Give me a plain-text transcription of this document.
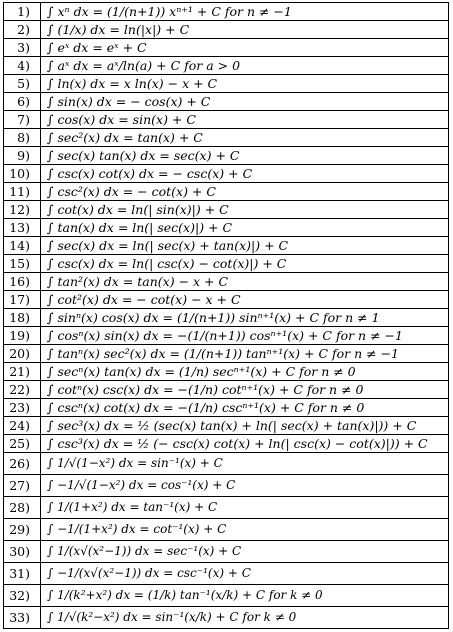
1)	∫ xⁿ dx = (1/(n+1)) xⁿ⁺¹ + C for n ≠ −1
2)	∫ (1/x) dx = ln(|x|) + C
3)	∫ eˣ dx = eˣ + C
4)	∫ aˣ dx = aˣ/ln(a) + C for a > 0
5)	∫ ln(x) dx = x ln(x) − x + C
6)	∫ sin(x) dx = − cos(x) + C
7)	∫ cos(x) dx = sin(x) + C
8)	∫ sec²(x) dx = tan(x) + C
9)	∫ sec(x) tan(x) dx = sec(x) + C
10)	∫ csc(x) cot(x) dx = − csc(x) + C
11)	∫ csc²(x) dx = − cot(x) + C
12)	∫ cot(x) dx = ln(| sin(x)|) + C
13)	∫ tan(x) dx = ln(| sec(x)|) + C
14)	∫ sec(x) dx = ln(| sec(x) + tan(x)|) + C
15)	∫ csc(x) dx = ln(| csc(x) − cot(x)|) + C
16)	∫ tan²(x) dx = tan(x) − x + C
17)	∫ cot²(x) dx = − cot(x) − x + C
18)	∫ sinⁿ(x) cos(x) dx = (1/(n+1)) sinⁿ⁺¹(x) + C for n ≠ 1
19)	∫ cosⁿ(x) sin(x) dx = −(1/(n+1)) cosⁿ⁺¹(x) + C for n ≠ −1
20)	∫ tanⁿ(x) sec²(x) dx = (1/(n+1)) tanⁿ⁺¹(x) + C for n ≠ −1
21)	∫ secⁿ(x) tan(x) dx = (1/n) secⁿ⁺¹(x) + C for n ≠ 0
22)	∫ cotⁿ(x) csc(x) dx = −(1/n) cotⁿ⁺¹(x) + C for n ≠ 0
23)	∫ cscⁿ(x) cot(x) dx = −(1/n) cscⁿ⁺¹(x) + C for n ≠ 0
24)	∫ sec³(x) dx = ½ (sec(x) tan(x) + ln(| sec(x) + tan(x)|)) + C
25)	∫ csc³(x) dx = ½ (− csc(x) cot(x) + ln(| csc(x) − cot(x)|)) + C
26)	∫ 1/√(1−x²) dx = sin⁻¹(x) + C
27)	∫ −1/√(1−x²) dx = cos⁻¹(x) + C
28)	∫ 1/(1+x²) dx = tan⁻¹(x) + C
29)	∫ −1/(1+x²) dx = cot⁻¹(x) + C
30)	∫ 1/(x√(x²−1)) dx = sec⁻¹(x) + C
31)	∫ −1/(x√(x²−1)) dx = csc⁻¹(x) + C
32)	∫ 1/(k²+x²) dx = (1/k) tan⁻¹(x/k) + C for k ≠ 0
33)	∫ 1/√(k²−x²) dx = sin⁻¹(x/k) + C for k ≠ 0
